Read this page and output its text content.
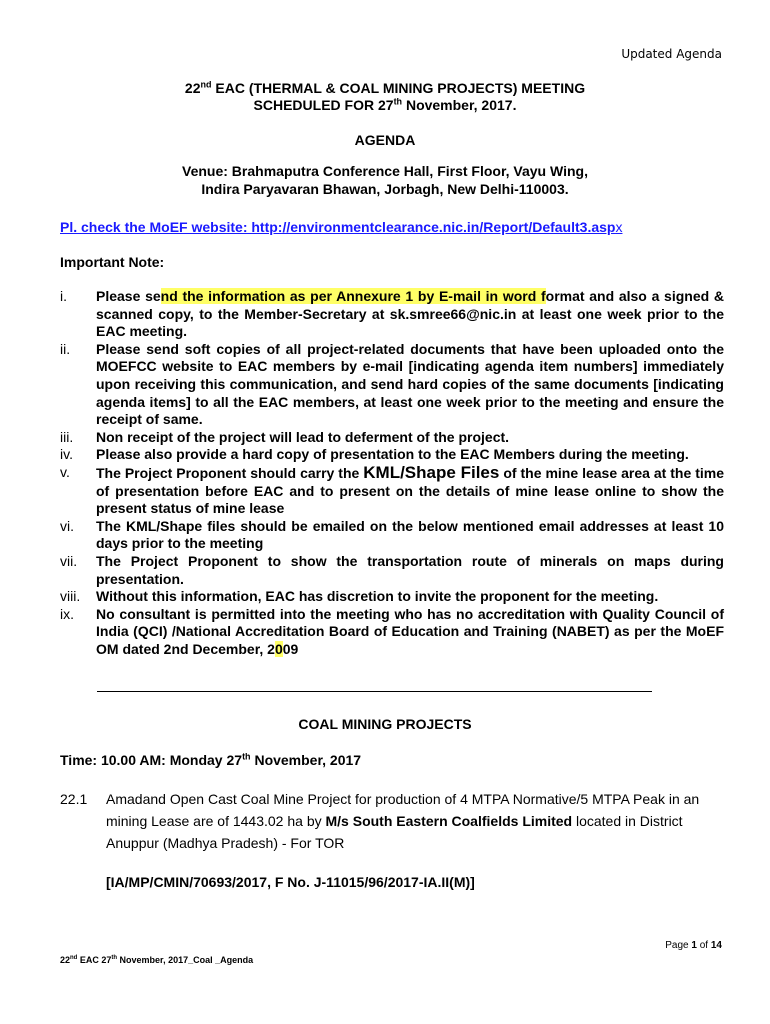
Updated Agenda
22nd EAC (THERMAL & COAL MINING PROJECTS) MEETING
SCHEDULED FOR 27th November, 2017.
AGENDA
Venue: Brahmaputra Conference Hall, First Floor, Vayu Wing,
Indira Paryavaran Bhawan, Jorbagh, New Delhi-110003.
Pl. check the MoEF website: http://environmentclearance.nic.in/Report/Default3.aspx
Important Note:
i.	Please send the information as per Annexure 1 by E-mail in word format and also a signed & scanned copy, to the Member-Secretary at sk.smree66@nic.in at least one week prior to the EAC meeting.
ii.	Please send soft copies of all project-related documents that have been uploaded onto the MOEFCC website to EAC members by e-mail [indicating agenda item numbers] immediately upon receiving this communication, and send hard copies of the same documents [indicating agenda items] to all the EAC members, at least one week prior to the meeting and ensure the receipt of same.
iii.	Non receipt of the project will lead to deferment of the project.
iv.	Please also provide a hard copy of presentation to the EAC Members during the meeting.
v.	The Project Proponent should carry the KML/Shape Files of the mine lease area at the time of presentation before EAC and to present on the details of mine lease online to show the present status of mine lease
vi.	The KML/Shape files should be emailed on the below mentioned email addresses at least 10 days prior to the meeting
vii.	The Project Proponent to show the transportation route of minerals on maps during presentation.
viii.	Without this information, EAC has discretion to invite the proponent for the meeting.
ix.	No consultant is permitted into the meeting who has no accreditation with Quality Council of India (QCI) /National Accreditation Board of Education and Training (NABET) as per the MoEF OM dated 2nd December, 2009
COAL MINING PROJECTS
Time: 10.00 AM: Monday 27th November, 2017
22.1	Amadand Open Cast Coal Mine Project for production of 4 MTPA Normative/5 MTPA Peak in an mining Lease are of 1443.02 ha by M/s South Eastern Coalfields Limited located in District Anuppur (Madhya Pradesh) - For TOR
[IA/MP/CMIN/70693/2017, F No. J-11015/96/2017-IA.II(M)]
Page 1 of 14
22nd EAC 27th November, 2017_Coal _Agenda
